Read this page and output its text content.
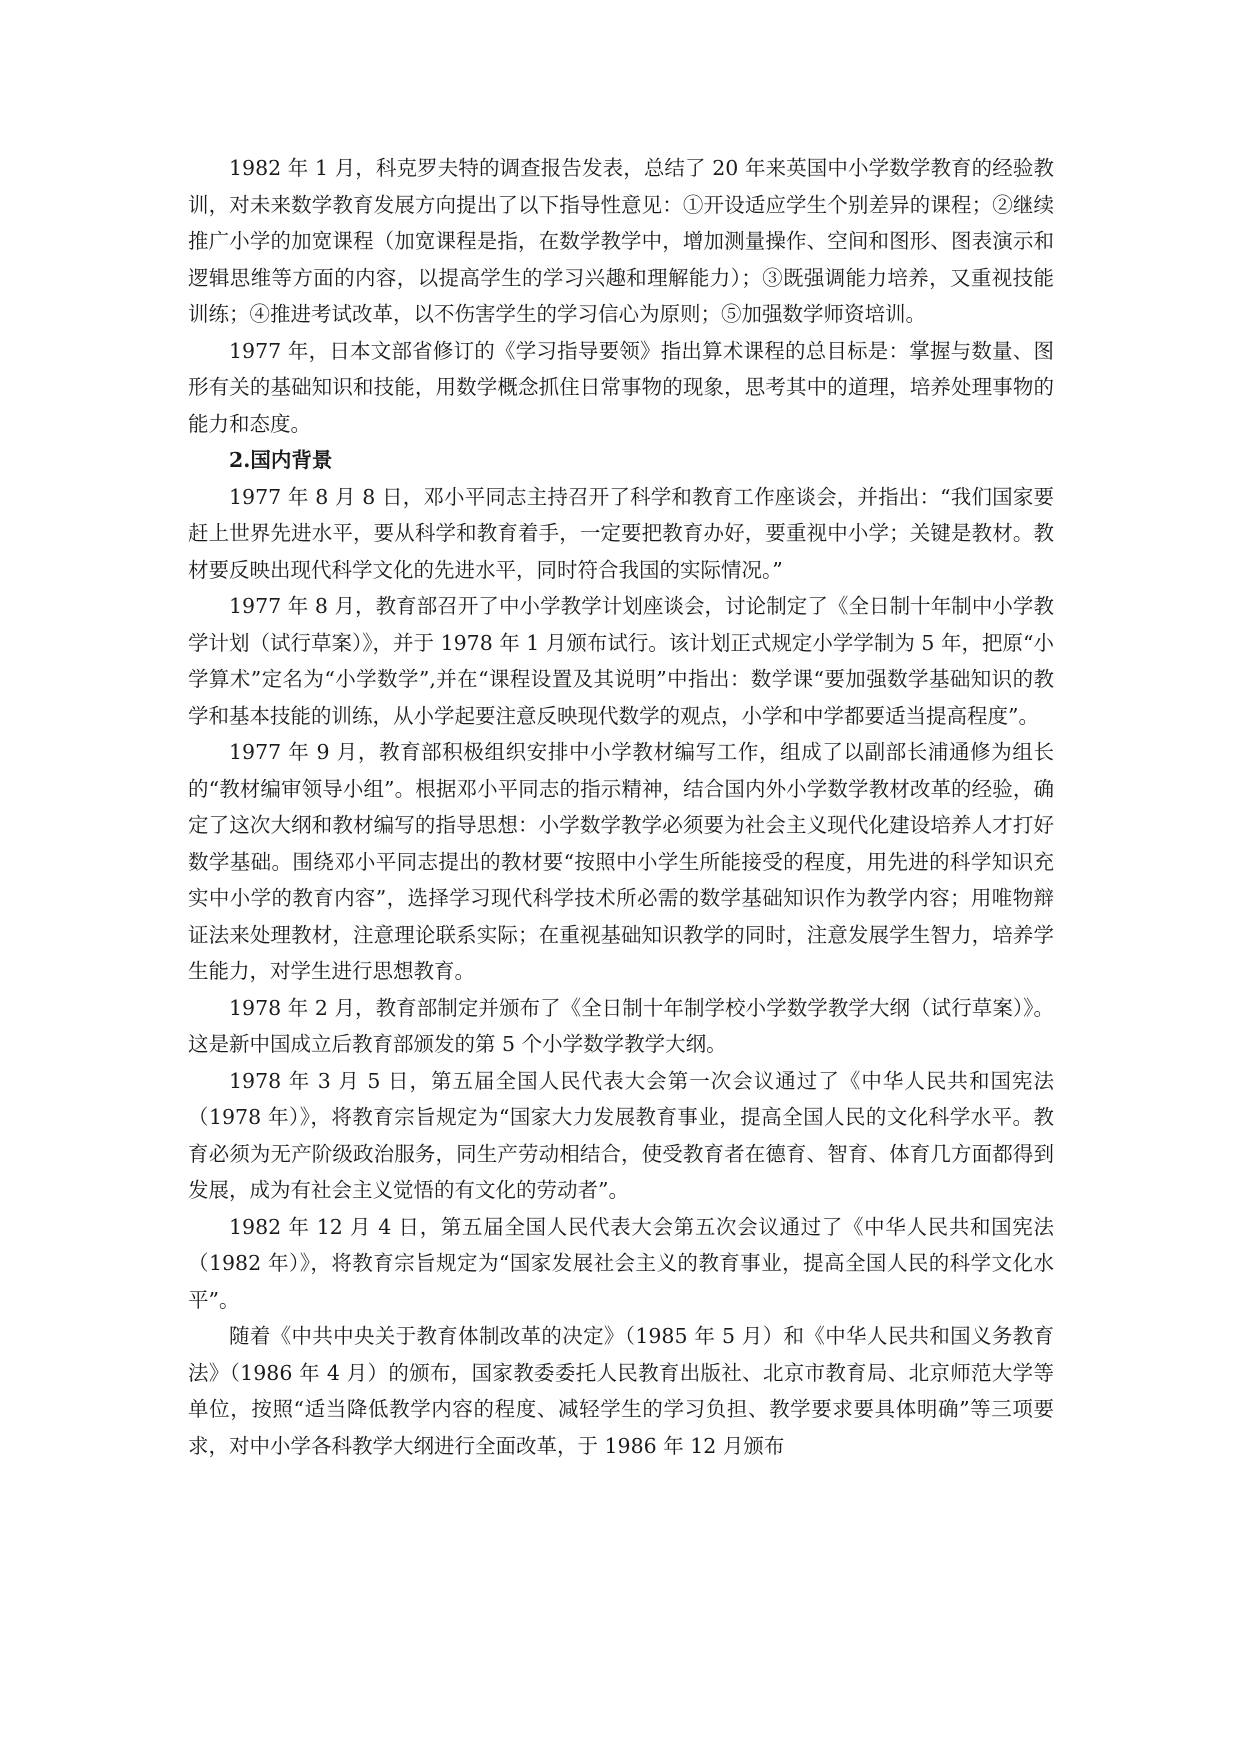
1982 年 1 月，科克罗夫特的调查报告发表，总结了 20 年来英国中小学数学教育的经验教训，对未来数学教育发展方向提出了以下指导性意见：①开设适应学生个别差异的课程；②继续推广小学的加宽课程（加宽课程是指，在数学教学中，增加测量操作、空间和图形、图表演示和逻辑思维等方面的内容，以提高学生的学习兴趣和理解能力）；③既强调能力培养，又重视技能训练；④推进考试改革，以不伤害学生的学习信心为原则；⑤加强数学师资培训。

1977 年，日本文部省修订的《学习指导要领》指出算术课程的总目标是：掌握与数量、图形有关的基础知识和技能，用数学概念抓住日常事物的现象，思考其中的道理，培养处理事物的能力和态度。

2.国内背景

1977 年 8 月 8 日，邓小平同志主持召开了科学和教育工作座谈会，并指出：“我们国家要赶上世界先进水平，要从科学和教育着手，一定要把教育办好，要重视中小学；关键是教材。教材要反映出现代科学文化的先进水平，同时符合我国的实际情况。”

1977 年 8 月，教育部召开了中小学教学计划座谈会，讨论制定了《全日制十年制中小学教学计划（试行草案）》，并于 1978 年 1 月颁布试行。该计划正式规定小学学制为 5 年，把原“小学算术”定名为“小学数学”,并在“课程设置及其说明”中指出：数学课“要加强数学基础知识的教学和基本技能的训练，从小学起要注意反映现代数学的观点，小学和中学都要适当提高程度”。

1977 年 9 月，教育部积极组织安排中小学教材编写工作，组成了以副部长浦通修为组长的“教材编审领导小组”。根据邓小平同志的指示精神，结合国内外小学数学教材改革的经验，确定了这次大纲和教材编写的指导思想：小学数学教学必须要为社会主义现代化建设培养人才打好数学基础。围绕邓小平同志提出的教材要“按照中小学生所能接受的程度，用先进的科学知识充实中小学的教育内容”，选择学习现代科学技术所必需的数学基础知识作为教学内容；用唯物辩证法来处理教材，注意理论联系实际；在重视基础知识教学的同时，注意发展学生智力，培养学生能力，对学生进行思想教育。

1978 年 2 月，教育部制定并颁布了《全日制十年制学校小学数学教学大纲（试行草案）》。这是新中国成立后教育部颁发的第 5 个小学数学教学大纲。

1978 年 3 月 5 日，第五届全国人民代表大会第一次会议通过了《中华人民共和国宪法（1978 年）》，将教育宗旨规定为“国家大力发展教育事业，提高全国人民的文化科学水平。教育必须为无产阶级政治服务，同生产劳动相结合，使受教育者在德育、智育、体育几方面都得到发展，成为有社会主义觉悟的有文化的劳动者”。

1982 年 12 月 4 日，第五届全国人民代表大会第五次会议通过了《中华人民共和国宪法（1982 年）》，将教育宗旨规定为“国家发展社会主义的教育事业，提高全国人民的科学文化水平”。

随着《中共中央关于教育体制改革的决定》（1985 年 5 月）和《中华人民共和国义务教育法》（1986 年 4 月）的颁布，国家教委委托人民教育出版社、北京市教育局、北京师范大学等单位，按照“适当降低教学内容的程度、减轻学生的学习负担、教学要求要具体明确”等三项要求，对中小学各科教学大纲进行全面改革，于 1986 年 12 月颁布
